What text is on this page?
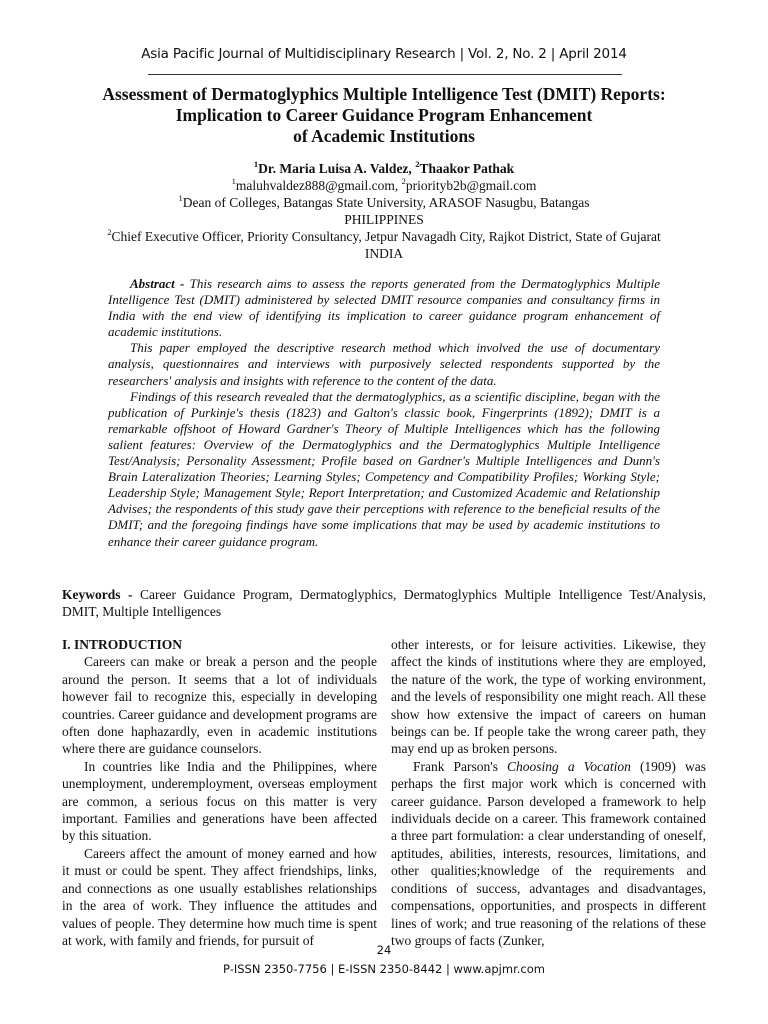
Asia Pacific Journal of Multidisciplinary Research | Vol. 2, No. 2 | April 2014
Assessment of Dermatoglyphics Multiple Intelligence Test (DMIT) Reports:
Implication to Career Guidance Program Enhancement
of Academic Institutions
$^1$Dr. Maria Luisa A. Valdez, $^2$Thaakor Pathak
$^1$maluhvaldez888@gmail.com, $^2$priorityb2b@gmail.com
$^1$Dean of Colleges, Batangas State University, ARASOF Nasugbu, Batangas
PHILIPPINES
$^2$Chief Executive Officer, Priority Consultancy, Jetpur Navagadh City, Rajkot District, State of Gujarat
INDIA

Abstract - This research aims to assess the reports generated from the Dermatoglyphics Multiple Intelligence Test (DMIT) administered by selected DMIT resource companies and consultancy firms in India with the end view of identifying its implication to career guidance program enhancement of academic institutions.

This paper employed the descriptive research method which involved the use of documentary analysis, questionnaires and interviews with purposively selected respondents supported by the researchers' analysis and insights with reference to the content of the data.

Findings of this research revealed that the dermatoglyphics, as a scientific discipline, began with the publication of Purkinje's thesis (1823) and Galton's classic book, Fingerprints (1892); DMIT is a remarkable offshoot of Howard Gardner's Theory of Multiple Intelligences which has the following salient features: Overview of the Dermatoglyphics and the Dermatoglyphics Multiple Intelligence Test/Analysis; Personality Assessment; Profile based on Gardner's Multiple Intelligences and Dunn's Brain Lateralization Theories; Learning Styles; Competency and Compatibility Profiles; Working Style; Leadership Style; Management Style; Report Interpretation; and Customized Academic and Relationship Advises; the respondents of this study gave their perceptions with reference to the beneficial results of the DMIT; and the foregoing findings have some implications that may be used by academic institutions to enhance their career guidance program.

Keywords - Career Guidance Program, Dermatoglyphics, Dermatoglyphics Multiple Intelligence Test/Analysis, DMIT, Multiple Intelligences
I. INTRODUCTION

Careers can make or break a person and the people around the person. It seems that a lot of individuals however fail to recognize this, especially in developing countries. Career guidance and development programs are often done haphazardly, even in academic institutions where there are guidance counselors.

In countries like India and the Philippines, where unemployment, underemployment, overseas employment are common, a serious focus on this matter is very important. Families and generations have been affected by this situation.

Careers affect the amount of money earned and how it must or could be spent. They affect friendships, links, and connections as one usually establishes relationships in the area of work. They influence the attitudes and values of people. They determine how much time is spent at work, with family and friends, for pursuit of

other interests, or for leisure activities. Likewise, they affect the kinds of institutions where they are employed, the nature of the work, the type of working environment, and the levels of responsibility one might reach. All these show how extensive the impact of careers on human beings can be. If people take the wrong career path, they may end up as broken persons.

Frank Parson's Choosing a Vocation (1909) was perhaps the first major work which is concerned with career guidance. Parson developed a framework to help individuals decide on a career. This framework contained a three part formulation: a clear understanding of oneself, aptitudes, abilities, interests, resources, limitations, and other qualities;knowledge of the requirements and conditions of success, advantages and disadvantages, compensations, opportunities, and prospects in different lines of work; and true reasoning of the relations of these two groups of facts (Zunker,

24
P-ISSN 2350-7756 | E-ISSN 2350-8442 | www.apjmr.com
